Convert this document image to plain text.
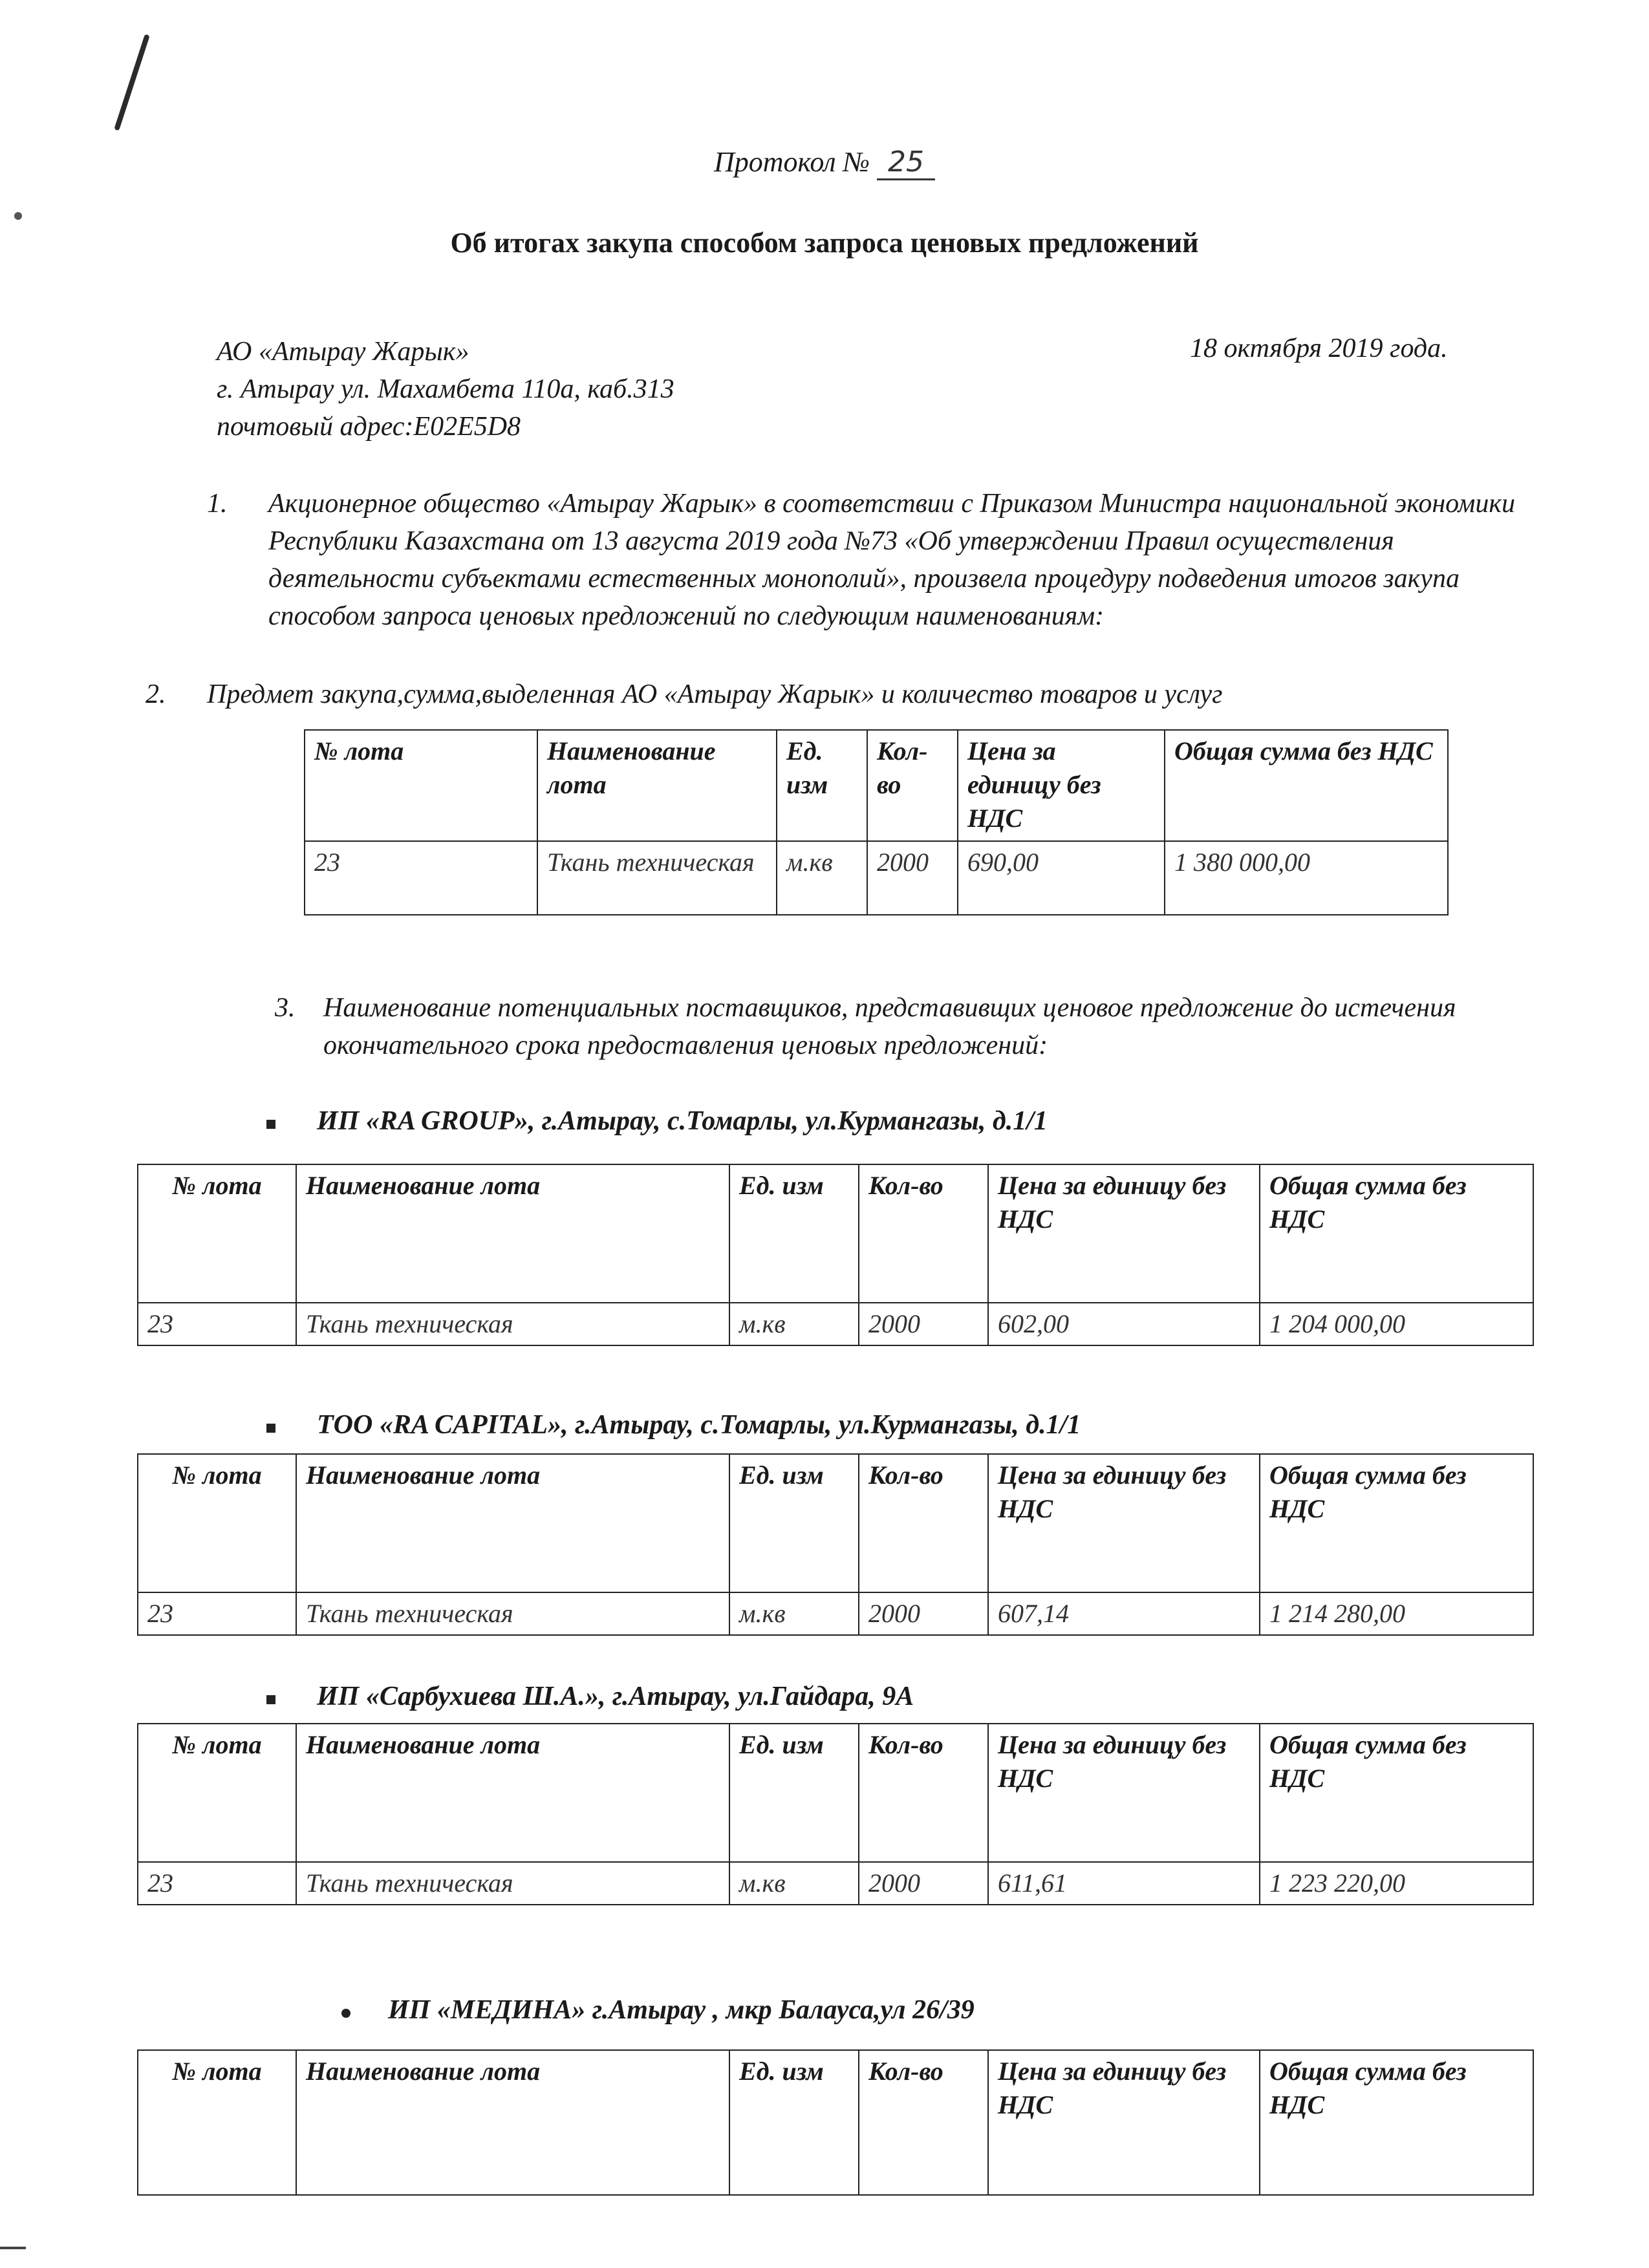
Протокол № 25
Об итогах закупа способом запроса ценовых предложений
АО «Атырау Жарык»
г. Атырау ул. Махамбета 110а, каб.313
почтовый адрес:E02E5D8
18 октября 2019 года.
1. Акционерное общество «Атырау Жарык» в соответствии с Приказом Министра национальной экономики Республики Казахстана от 13 августа 2019 года №73 «Об утверждении Правил осуществления деятельности субъектами естественных монополий», произвела процедуру подведения итогов закупа способом запроса ценовых предложений по следующим наименованиям:
2. Предмет закупа,сумма,выделенная АО «Атырау Жарык» и количество товаров и услуг
№ лота	Наименование лота	Ед. изм	Кол-во	Цена за единицу без НДС	Общая сумма без НДС
23	Ткань техническая	м.кв	2000	690,00	1 380 000,00
3. Наименование потенциальных поставщиков, представивщих ценовое предложение до истечения окончательного срока предоставления ценовых предложений:
ИП «RA GROUP», г.Атырау, с.Томарлы, ул.Курмангазы, д.1/1
№ лота	Наименование лота	Ед. изм	Кол-во	Цена за единицу без НДС	Общая сумма без НДС
23	Ткань техническая	м.кв	2000	602,00	1 204 000,00
ТОО «RA CAPITAL», г.Атырау, с.Томарлы, ул.Курмангазы, д.1/1
№ лота	Наименование лота	Ед. изм	Кол-во	Цена за единицу без НДС	Общая сумма без НДС
23	Ткань техническая	м.кв	2000	607,14	1 214 280,00
ИП «Сарбухиева Ш.А.», г.Атырау, ул.Гайдара, 9А
№ лота	Наименование лота	Ед. изм	Кол-во	Цена за единицу без НДС	Общая сумма без НДС
23	Ткань техническая	м.кв	2000	611,61	1 223 220,00
ИП «МЕДИНА» г.Атырау , мкр Балауса,ул 26/39
№ лота	Наименование лота	Ед. изм	Кол-во	Цена за единицу без НДС	Общая сумма без НДС
